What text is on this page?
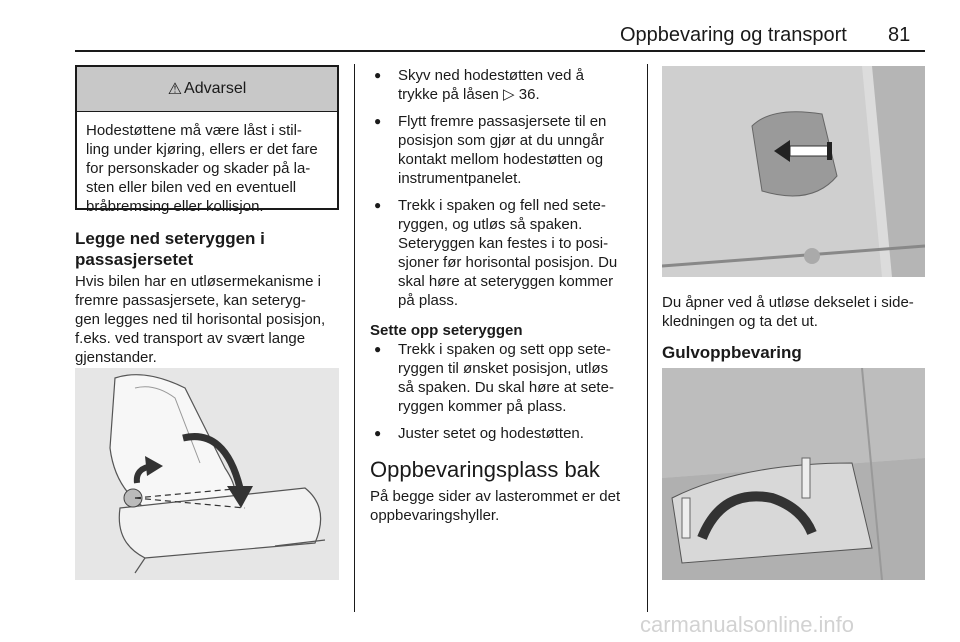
Oppbevaring og transport 81
⚠ Advarsel
Hodestøttene må være låst i stil-
ling under kjøring, ellers er det fare
for personskader og skader på la-
sten eller bilen ved en eventuell
bråbremsing eller kollisjon.
Legge ned seteryggen i
passasjersetet
Hvis bilen har en utløsermekanisme i
fremre passasjersete, kan seteryg-
gen legges ned til horisontal posisjon,
f.eks. ved transport av svært lange
gjenstander.
● Skyv ned hodestøtten ved å
trykke på låsen ▷ 36.
● Flytt fremre passasjersete til en
posisjon som gjør at du unngår
kontakt mellom hodestøtten og
instrumentpanelet.
● Trekk i spaken og fell ned sete-
ryggen, og utløs så spaken.
Seteryggen kan festes i to posi-
sjoner før horisontal posisjon. Du
skal høre at seteryggen kommer
på plass.
Sette opp seteryggen
● Trekk i spaken og sett opp sete-
ryggen til ønsket posisjon, utløs
så spaken. Du skal høre at sete-
ryggen kommer på plass.
● Juster setet og hodestøtten.
Oppbevaringsplass bak
På begge sider av lasterommet er det
oppbevaringshyller.
Du åpner ved å utløse dekselet i side-
kledningen og ta det ut.
Gulvoppbevaring
carmanualsonline.info
